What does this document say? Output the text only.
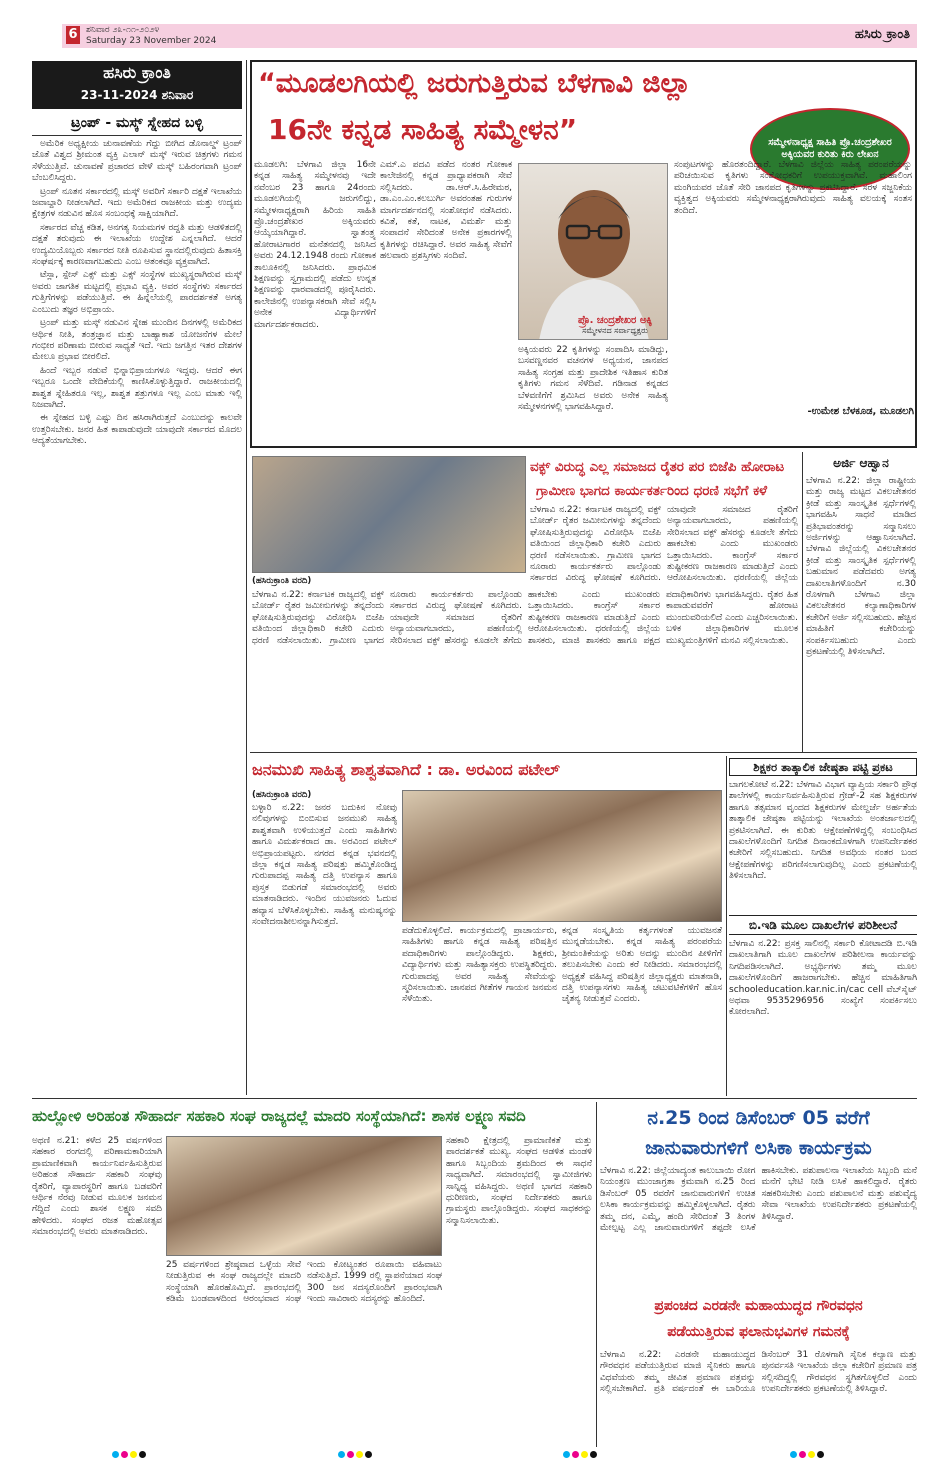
6 ಶನಿವಾರ ೨೩-೧೧-೨೦೨೪
Saturday 23 November 2024	ಹಸಿರು ಕ್ರಾಂತಿ
ಹಸಿರು ಕ್ರಾಂತಿ
23-11-2024 ಶನಿವಾರ
ಟ್ರಂಪ್ - ಮಸ್ಕ್ ಸ್ನೇಹದ ಬಳ್ಳಿ

ಅಮೆರಿಕ ಅಧ್ಯಕ್ಷೀಯ ಚುನಾವಣೆಯ ಗೆದ್ದು ಬೀಗಿದ ಡೊನಾಲ್ಡ್ ಟ್ರಂಪ್ ಜೊತೆ ವಿಶ್ವದ ಶ್ರೀಮಂತ ವ್ಯಕ್ತಿ ಎಲಾನ್ ಮಸ್ಕ್ ಇರುವ ಚಿತ್ರಗಳು ಗಮನ ಸೆಳೆಯುತ್ತಿವೆ. ಚುನಾವಣೆ ಪ್ರಚಾರದ ವೇಳೆ ಮಸ್ಕ್ ಬಹಿರಂಗವಾಗಿ ಟ್ರಂಪ್ ಬೆಂಬಲಿಸಿದ್ದರು.

ಟ್ರಂಪ್ ನೂತನ ಸರ್ಕಾರದಲ್ಲಿ ಮಸ್ಕ್ ಅವರಿಗೆ ಸರ್ಕಾರಿ ದಕ್ಷತೆ ಇಲಾಖೆಯ ಜವಾಬ್ದಾರಿ ನೀಡಲಾಗಿದೆ. ಇದು ಅಮೆರಿಕದ ರಾಜಕೀಯ ಮತ್ತು ಉದ್ಯಮ ಕ್ಷೇತ್ರಗಳ ನಡುವಿನ ಹೊಸ ಸಂಬಂಧಕ್ಕೆ ಸಾಕ್ಷಿಯಾಗಿದೆ.

ಸರ್ಕಾರದ ವೆಚ್ಚ ಕಡಿತ, ಅನಗತ್ಯ ನಿಯಮಗಳ ರದ್ದತಿ ಮತ್ತು ಆಡಳಿತದಲ್ಲಿ ದಕ್ಷತೆ ತರುವುದು ಈ ಇಲಾಖೆಯ ಉದ್ದೇಶ ಎನ್ನಲಾಗಿದೆ. ಆದರೆ ಉದ್ಯಮಿಯೊಬ್ಬರು ಸರ್ಕಾರದ ನೀತಿ ರೂಪಿಸುವ ಸ್ಥಾನದಲ್ಲಿರುವುದು ಹಿತಾಸಕ್ತಿ ಸಂಘರ್ಷಕ್ಕೆ ಕಾರಣವಾಗಬಹುದು ಎಂಬ ಆತಂಕವೂ ವ್ಯಕ್ತವಾಗಿದೆ.

ಟೆಸ್ಲಾ, ಸ್ಪೇಸ್ ಎಕ್ಸ್ ಮತ್ತು ಎಕ್ಸ್ ಸಂಸ್ಥೆಗಳ ಮುಖ್ಯಸ್ಥರಾಗಿರುವ ಮಸ್ಕ್ ಅವರು ಜಾಗತಿಕ ಮಟ್ಟದಲ್ಲಿ ಪ್ರಭಾವಿ ವ್ಯಕ್ತಿ. ಅವರ ಸಂಸ್ಥೆಗಳು ಸರ್ಕಾರದ ಗುತ್ತಿಗೆಗಳನ್ನು ಪಡೆಯುತ್ತಿವೆ. ಈ ಹಿನ್ನೆಲೆಯಲ್ಲಿ ಪಾರದರ್ಶಕತೆ ಅಗತ್ಯ ಎಂಬುದು ತಜ್ಞರ ಅಭಿಪ್ರಾಯ.

ಟ್ರಂಪ್ ಮತ್ತು ಮಸ್ಕ್ ನಡುವಿನ ಸ್ನೇಹ ಮುಂದಿನ ದಿನಗಳಲ್ಲಿ ಅಮೆರಿಕದ ಆರ್ಥಿಕ ನೀತಿ, ತಂತ್ರಜ್ಞಾನ ಮತ್ತು ಬಾಹ್ಯಾಕಾಶ ಯೋಜನೆಗಳ ಮೇಲೆ ಗಂಭೀರ ಪರಿಣಾಮ ಬೀರುವ ಸಾಧ್ಯತೆ ಇದೆ. ಇದು ಜಗತ್ತಿನ ಇತರ ದೇಶಗಳ ಮೇಲೂ ಪ್ರಭಾವ ಬೀರಲಿದೆ.

ಹಿಂದೆ ಇಬ್ಬರ ನಡುವೆ ಭಿನ್ನಾಭಿಪ್ರಾಯಗಳೂ ಇದ್ದವು. ಆದರೆ ಈಗ ಇಬ್ಬರೂ ಒಂದೇ ವೇದಿಕೆಯಲ್ಲಿ ಕಾಣಿಸಿಕೊಳ್ಳುತ್ತಿದ್ದಾರೆ. ರಾಜಕೀಯದಲ್ಲಿ ಶಾಶ್ವತ ಸ್ನೇಹಿತರೂ ಇಲ್ಲ, ಶಾಶ್ವತ ಶತ್ರುಗಳೂ ಇಲ್ಲ ಎಂಬ ಮಾತು ಇಲ್ಲಿ ನಿಜವಾಗಿದೆ.

ಈ ಸ್ನೇಹದ ಬಳ್ಳಿ ಎಷ್ಟು ದಿನ ಹಸಿರಾಗಿರುತ್ತದೆ ಎಂಬುದನ್ನು ಕಾಲವೇ ಉತ್ತರಿಸಬೇಕು. ಜನರ ಹಿತ ಕಾಪಾಡುವುದೇ ಯಾವುದೇ ಸರ್ಕಾರದ ಮೊದಲ ಆದ್ಯತೆಯಾಗಬೇಕು.

“ಮೂಡಲಗಿಯಲ್ಲಿ ಜರುಗುತ್ತಿರುವ ಬೆಳಗಾವಿ ಜಿಲ್ಲಾ
16ನೇ ಕನ್ನಡ ಸಾಹಿತ್ಯ ಸಮ್ಮೇಳನ”	ಸಮ್ಮೇಳನಾಧ್ಯಕ್ಷ ಸಾಹಿತಿ ಪ್ರೊ.ಚಂದ್ರಶೇಖರ ಅಕ್ಕಿಯವರ ಕುರಿತು ಕಿರು ಲೇಖನ
ಮೂಡಲಗಿ: ಬೆಳಗಾವಿ ಜಿಲ್ಲಾ 16ನೇ ಕನ್ನಡ ಸಾಹಿತ್ಯ ಸಮ್ಮೇಳನವು ಇದೇ ನವೆಂಬರ 23 ಹಾಗೂ 24ರಂದು ಮೂಡಲಗಿಯಲ್ಲಿ ಜರುಗಲಿದ್ದು, ಸಮ್ಮೇಳನಾಧ್ಯಕ್ಷರಾಗಿ ಹಿರಿಯ ಸಾಹಿತಿ ಪ್ರೊ.ಚಂದ್ರಶೇಖರ ಅಕ್ಕಿಯವರು ಆಯ್ಕೆಯಾಗಿದ್ದಾರೆ. ಸ್ವಾತಂತ್ರ್ಯ ಹೋರಾಟಗಾರರ ಮನೆತನದಲ್ಲಿ ಜನಿಸಿದ ಅವರು 24.12.1948 ರಂದು ಗೋಕಾಕ ತಾಲೂಕಿನಲ್ಲಿ ಜನಿಸಿದರು. ಪ್ರಾಥಮಿಕ ಶಿಕ್ಷಣವನ್ನು ಸ್ವಗ್ರಾಮದಲ್ಲಿ ಪಡೆದು ಉನ್ನತ ಶಿಕ್ಷಣವನ್ನು ಧಾರವಾಡದಲ್ಲಿ ಪೂರೈಸಿದರು. ಕಾಲೇಜಿನಲ್ಲಿ ಉಪನ್ಯಾಸಕರಾಗಿ ಸೇವೆ ಸಲ್ಲಿಸಿ ಅನೇಕ ವಿದ್ಯಾರ್ಥಿಗಳಿಗೆ ಮಾರ್ಗದರ್ಶಕರಾದರು.
ಎಮ್.ಎ ಪದವಿ ಪಡೆದ ನಂತರ ಗೋಕಾಕ ಕಾಲೇಜಿನಲ್ಲಿ ಕನ್ನಡ ಪ್ರಾಧ್ಯಾಪಕರಾಗಿ ಸೇವೆ ಸಲ್ಲಿಸಿದರು. ಡಾ.ಆರ್.ಸಿ.ಹಿರೇಮಠ, ಡಾ.ಎಂ.ಎಂ.ಕಲಬುರ್ಗಿ ಅವರಂತಹ ಗುರುಗಳ ಮಾರ್ಗದರ್ಶನದಲ್ಲಿ ಸಂಶೋಧನೆ ನಡೆಸಿದರು. ಕವಿತೆ, ಕತೆ, ನಾಟಕ, ವಿಮರ್ಶೆ ಮತ್ತು ಸಂಪಾದನೆ ಸೇರಿದಂತೆ ಅನೇಕ ಪ್ರಕಾರಗಳಲ್ಲಿ ಕೃತಿಗಳನ್ನು ರಚಿಸಿದ್ದಾರೆ. ಅವರ ಸಾಹಿತ್ಯ ಸೇವೆಗೆ ಹಲವಾರು ಪ್ರಶಸ್ತಿಗಳು ಸಂದಿವೆ.
ಪ್ರೊ. ಚಂದ್ರಶೇಖರ ಅಕ್ಕಿ
ಸಮ್ಮೇಳನದ ಸರ್ವಾಧ್ಯಕ್ಷರು
ಅಕ್ಕಿಯವರು 22 ಕೃತಿಗಳನ್ನು ಸಂಪಾದಿಸಿ ಮಾಡಿದ್ದು, ಬಸವಣ್ಣನವರ ವಚನಗಳ ಅಧ್ಯಯನ, ಜಾನಪದ ಸಾಹಿತ್ಯ ಸಂಗ್ರಹ ಮತ್ತು ಪ್ರಾದೇಶಿಕ ಇತಿಹಾಸ ಕುರಿತ ಕೃತಿಗಳು ಗಮನ ಸೆಳೆದಿವೆ. ಗಡಿನಾಡ ಕನ್ನಡದ ಬೆಳವಣಿಗೆಗೆ ಶ್ರಮಿಸಿದ ಅವರು ಅನೇಕ ಸಾಹಿತ್ಯ ಸಮ್ಮೇಳನಗಳಲ್ಲಿ ಭಾಗವಹಿಸಿದ್ದಾರೆ.
ಸಂಪುಟಗಳನ್ನು ಹೊರತಂದಿದ್ದಾರೆ. ಬೆಳಗಾವಿ ಜಿಲ್ಲೆಯ ಸಾಹಿತ್ಯ ಪರಂಪರೆಯನ್ನು ಪರಿಚಯಿಸುವ ಕೃತಿಗಳು ಸಂಶೋಧಕರಿಗೆ ಉಪಯುಕ್ತವಾಗಿವೆ. ಮಹಾಲಿಂಗ ಮಂಗಿಯವರ ಜೊತೆ ಸೇರಿ ಜಾನಪದ ಕೃತಿಗಳನ್ನು ಪ್ರಕಟಿಸಿದ್ದಾರೆ. ಸರಳ ಸಜ್ಜನಿಕೆಯ ವ್ಯಕ್ತಿತ್ವದ ಅಕ್ಕಿಯವರು ಸಮ್ಮೇಳನಾಧ್ಯಕ್ಷರಾಗಿರುವುದು ಸಾಹಿತ್ಯ ವಲಯಕ್ಕೆ ಸಂತಸ ತಂದಿದೆ.
-ಉಮೇಶ ಬೆಳಕೂಡ, ಮೂಡಲಗಿ
ವಕ್ಫ್ ವಿರುದ್ಧ ಎಲ್ಲ ಸಮಾಜದ ರೈತರ ಪರ ಬಿಜೆಪಿ ಹೋರಾಟ
ಗ್ರಾಮೀಣ ಭಾಗದ ಕಾರ್ಯಕರ್ತರಿಂದ ಧರಣಿ ಸಭೆಗೆ ಕಳೆ
(ಹಸಿರುಕ್ರಾಂತಿ ವರದಿ)
ಬೆಳಗಾವಿ ನ.22: ಕರ್ನಾಟಕ ರಾಜ್ಯದಲ್ಲಿ ವಕ್ಫ್ ಬೋರ್ಡ್ ರೈತರ ಜಮೀನುಗಳನ್ನು ತನ್ನದೆಂದು ಘೋಷಿಸುತ್ತಿರುವುದನ್ನು ವಿರೋಧಿಸಿ ಬಿಜೆಪಿ ವತಿಯಿಂದ ಜಿಲ್ಲಾಧಿಕಾರಿ ಕಚೇರಿ ಎದುರು ಧರಣಿ ನಡೆಸಲಾಯಿತು. ಗ್ರಾಮೀಣ ಭಾಗದ ನೂರಾರು ಕಾರ್ಯಕರ್ತರು ಪಾಲ್ಗೊಂಡು ಸರ್ಕಾರದ ವಿರುದ್ಧ ಘೋಷಣೆ ಕೂಗಿದರು. ಯಾವುದೇ ಸಮಾಜದ ರೈತರಿಗೆ ಅನ್ಯಾಯವಾಗಬಾರದು, ಪಹಣಿಯಲ್ಲಿ ಸೇರಿಸಲಾದ ವಕ್ಫ್ ಹೆಸರನ್ನು ಕೂಡಲೇ ತೆಗೆದು ಹಾಕಬೇಕು ಎಂದು ಮುಖಂಡರು ಒತ್ತಾಯಿಸಿದರು. ಕಾಂಗ್ರೆಸ್ ಸರ್ಕಾರ ತುಷ್ಟೀಕರಣ ರಾಜಕಾರಣ ಮಾಡುತ್ತಿದೆ ಎಂದು ಆರೋಪಿಸಲಾಯಿತು. ಧರಣಿಯಲ್ಲಿ ಜಿಲ್ಲೆಯ ಶಾಸಕರು, ಮಾಜಿ ಶಾಸಕರು ಹಾಗೂ ಪಕ್ಷದ ಪದಾಧಿಕಾರಿಗಳು ಭಾಗವಹಿಸಿದ್ದರು. ರೈತರ ಹಿತ ಕಾಪಾಡುವವರೆಗೆ ಹೋರಾಟ ಮುಂದುವರಿಯಲಿದೆ ಎಂದು ಎಚ್ಚರಿಸಲಾಯಿತು. ಬಳಿಕ ಜಿಲ್ಲಾಧಿಕಾರಿಗಳ ಮೂಲಕ ಮುಖ್ಯಮಂತ್ರಿಗಳಿಗೆ ಮನವಿ ಸಲ್ಲಿಸಲಾಯಿತು.
ಬೆಳಗಾವಿ ನ.22: ಕರ್ನಾಟಕ ರಾಜ್ಯದಲ್ಲಿ ವಕ್ಫ್ ಬೋರ್ಡ್ ರೈತರ ಜಮೀನುಗಳನ್ನು ತನ್ನದೆಂದು ಘೋಷಿಸುತ್ತಿರುವುದನ್ನು ವಿರೋಧಿಸಿ ಬಿಜೆಪಿ ವತಿಯಿಂದ ಜಿಲ್ಲಾಧಿಕಾರಿ ಕಚೇರಿ ಎದುರು ಧರಣಿ ನಡೆಸಲಾಯಿತು. ಗ್ರಾಮೀಣ ಭಾಗದ ನೂರಾರು ಕಾರ್ಯಕರ್ತರು ಪಾಲ್ಗೊಂಡು ಸರ್ಕಾರದ ವಿರುದ್ಧ ಘೋಷಣೆ ಕೂಗಿದರು. ಯಾವುದೇ ಸಮಾಜದ ರೈತರಿಗೆ ಅನ್ಯಾಯವಾಗಬಾರದು, ಪಹಣಿಯಲ್ಲಿ ಸೇರಿಸಲಾದ ವಕ್ಫ್ ಹೆಸರನ್ನು ಕೂಡಲೇ ತೆಗೆದು ಹಾಕಬೇಕು ಎಂದು ಮುಖಂಡರು ಒತ್ತಾಯಿಸಿದರು. ಕಾಂಗ್ರೆಸ್ ಸರ್ಕಾರ ತುಷ್ಟೀಕರಣ ರಾಜಕಾರಣ ಮಾಡುತ್ತಿದೆ ಎಂದು ಆರೋಪಿಸಲಾಯಿತು. ಧರಣಿಯಲ್ಲಿ ಜಿಲ್ಲೆಯ
ಅರ್ಜಿ ಆಹ್ವಾನ
ಬೆಳಗಾವಿ ನ.22: ಜಿಲ್ಲಾ ರಾಷ್ಟ್ರೀಯ ಮತ್ತು ರಾಜ್ಯ ಮಟ್ಟದ ವಿಕಲಚೇತನರ ಕ್ರೀಡೆ ಮತ್ತು ಸಾಂಸ್ಕೃತಿಕ ಸ್ಪರ್ಧೆಗಳಲ್ಲಿ ಭಾಗವಹಿಸಿ ಸಾಧನೆ ಮಾಡಿದ ಪ್ರತಿಭಾವಂತರನ್ನು ಸನ್ಮಾನಿಸಲು ಅರ್ಜಿಗಳನ್ನು ಆಹ್ವಾನಿಸಲಾಗಿದೆ. ಬೆಳಗಾವಿ ಜಿಲ್ಲೆಯಲ್ಲಿ ವಿಕಲಚೇತನರ ಕ್ರೀಡೆ ಮತ್ತು ಸಾಂಸ್ಕೃತಿಕ ಸ್ಪರ್ಧೆಗಳಲ್ಲಿ ಬಹುಮಾನ ಪಡೆದವರು ಅಗತ್ಯ ದಾಖಲಾತಿಗಳೊಂದಿಗೆ ನ.30 ರೊಳಗಾಗಿ ಬೆಳಗಾವಿ ಜಿಲ್ಲಾ ವಿಕಲಚೇತನರ ಕಲ್ಯಾಣಾಧಿಕಾರಿಗಳ ಕಚೇರಿಗೆ ಅರ್ಜಿ ಸಲ್ಲಿಸಬಹುದು. ಹೆಚ್ಚಿನ ಮಾಹಿತಿಗೆ ಕಚೇರಿಯನ್ನು ಸಂಪರ್ಕಿಸಬಹುದು ಎಂದು ಪ್ರಕಟಣೆಯಲ್ಲಿ ತಿಳಿಸಲಾಗಿದೆ.
ಜನಮುಖಿ ಸಾಹಿತ್ಯ ಶಾಶ್ವತವಾಗಿದೆ : ಡಾ. ಅರವಿಂದ ಪಟೇಲ್
(ಹಸಿರುಕ್ರಾಂತಿ ವರದಿ)
ಬಳ್ಳಾರಿ ನ.22: ಜನರ ಬದುಕಿನ ನೋವು ನಲಿವುಗಳನ್ನು ಬಿಂಬಿಸುವ ಜನಮುಖಿ ಸಾಹಿತ್ಯ ಶಾಶ್ವತವಾಗಿ ಉಳಿಯುತ್ತದೆ ಎಂದು ಸಾಹಿತಿಗಳು ಹಾಗೂ ವಿಮರ್ಶಕರಾದ ಡಾ. ಅರವಿಂದ ಪಟೇಲ್ ಅಭಿಪ್ರಾಯಪಟ್ಟರು. ನಗರದ ಕನ್ನಡ ಭವನದಲ್ಲಿ ಜಿಲ್ಲಾ ಕನ್ನಡ ಸಾಹಿತ್ಯ ಪರಿಷತ್ತು ಹಮ್ಮಿಕೊಂಡಿದ್ದ ಗುರುಪಾದಪ್ಪ ಸಾಹಿತ್ಯ ದತ್ತಿ ಉಪನ್ಯಾಸ ಹಾಗೂ ಪುಸ್ತಕ ಬಿಡುಗಡೆ ಸಮಾರಂಭದಲ್ಲಿ ಅವರು ಮಾತನಾಡಿದರು. ಇಂದಿನ ಯುವಜನರು ಓದುವ ಹವ್ಯಾಸ ಬೆಳೆಸಿಕೊಳ್ಳಬೇಕು. ಸಾಹಿತ್ಯ ಮನುಷ್ಯನನ್ನು ಸಂವೇದನಾಶೀಲನನ್ನಾಗಿಸುತ್ತದೆ.
ಪಡೆದುಕೊಳ್ಳಲಿದೆ. ಕಾರ್ಯಕ್ರಮದಲ್ಲಿ ಪ್ರಾಚಾರ್ಯರು, ಸಾಹಿತಿಗಳು ಹಾಗೂ ಕನ್ನಡ ಸಾಹಿತ್ಯ ಪರಿಷತ್ತಿನ ಪದಾಧಿಕಾರಿಗಳು ಪಾಲ್ಗೊಂಡಿದ್ದರು. ಶಿಕ್ಷಕರು, ವಿದ್ಯಾರ್ಥಿಗಳು ಮತ್ತು ಸಾಹಿತ್ಯಾಸಕ್ತರು ಉಪಸ್ಥಿತರಿದ್ದರು. ಗುರುಪಾದಪ್ಪ ಅವರ ಸಾಹಿತ್ಯ ಸೇವೆಯನ್ನು ಸ್ಮರಿಸಲಾಯಿತು. ಜಾನಪದ ಗೀತೆಗಳ ಗಾಯನ ಜನಮನ ಸೆಳೆಯಿತು.
ಕನ್ನಡ ಸಂಸ್ಕೃತಿಯ ಕರ್ತೃಗಳಂತೆ ಯುವಜನತೆ ಮುನ್ನಡೆಯಬೇಕು. ಕನ್ನಡ ಸಾಹಿತ್ಯ ಪರಂಪರೆಯ ಶ್ರೀಮಂತಿಕೆಯನ್ನು ಅರಿತು ಅದನ್ನು ಮುಂದಿನ ಪೀಳಿಗೆಗೆ ತಲುಪಿಸಬೇಕು ಎಂದು ಕರೆ ನೀಡಿದರು. ಸಮಾರಂಭದಲ್ಲಿ ಅಧ್ಯಕ್ಷತೆ ವಹಿಸಿದ್ದ ಪರಿಷತ್ತಿನ ಜಿಲ್ಲಾಧ್ಯಕ್ಷರು ಮಾತನಾಡಿ, ದತ್ತಿ ಉಪನ್ಯಾಸಗಳು ಸಾಹಿತ್ಯ ಚಟುವಟಿಕೆಗಳಿಗೆ ಹೊಸ ಚೈತನ್ಯ ನೀಡುತ್ತವೆ ಎಂದರು.
ಶಿಕ್ಷಕರ ತಾತ್ಕಾಲಿಕ ಜೇಷ್ಠತಾ ಪಟ್ಟಿ ಪ್ರಕಟ
ಬಾಗಲಕೋಟೆ ನ.22: ಬೆಳಗಾವಿ ವಿಭಾಗ ವ್ಯಾಪ್ತಿಯ ಸರ್ಕಾರಿ ಪ್ರೌಢ ಶಾಲೆಗಳಲ್ಲಿ ಕಾರ್ಯನಿರ್ವಹಿಸುತ್ತಿರುವ ಗ್ರೇಡ್-2 ಸಹ ಶಿಕ್ಷಕರುಗಳ ಹಾಗೂ ತತ್ಸಮಾನ ವೃಂದದ ಶಿಕ್ಷಕರುಗಳ ಮೇಲ್ದರ್ಜೆ ಅರ್ಹತೆಯ ತಾತ್ಕಾಲಿಕ ಜೇಷ್ಠತಾ ಪಟ್ಟಿಯನ್ನು ಇಲಾಖೆಯ ಅಂತರ್ಜಾಲದಲ್ಲಿ ಪ್ರಕಟಿಸಲಾಗಿದೆ. ಈ ಕುರಿತು ಆಕ್ಷೇಪಣೆಗಳಿದ್ದಲ್ಲಿ ಸಂಬಂಧಿಸಿದ ದಾಖಲೆಗಳೊಂದಿಗೆ ನಿಗದಿತ ದಿನಾಂಕದೊಳಗಾಗಿ ಉಪನಿರ್ದೇಶಕರ ಕಚೇರಿಗೆ ಸಲ್ಲಿಸಬಹುದು. ನಿಗದಿತ ಅವಧಿಯ ನಂತರ ಬಂದ ಆಕ್ಷೇಪಣೆಗಳನ್ನು ಪರಿಗಣಿಸಲಾಗುವುದಿಲ್ಲ ಎಂದು ಪ್ರಕಟಣೆಯಲ್ಲಿ ತಿಳಿಸಲಾಗಿದೆ.
ಬಿ.ಇಡಿ ಮೂಲ ದಾಖಲೆಗಳ ಪರಿಶೀಲನೆ
ಬೆಳಗಾವಿ ನ.22: ಪ್ರಸಕ್ತ ಸಾಲಿನಲ್ಲಿ ಸರ್ಕಾರಿ ಕೋಟಾದಡಿ ಬಿ.ಇಡಿ ದಾಖಲಾತಿಗಾಗಿ ಮೂಲ ದಾಖಲೆಗಳ ಪರಿಶೀಲನಾ ಕಾರ್ಯವನ್ನು ನಿಗದಿಪಡಿಸಲಾಗಿದೆ. ಅಭ್ಯರ್ಥಿಗಳು ತಮ್ಮ ಮೂಲ ದಾಖಲೆಗಳೊಂದಿಗೆ ಹಾಜರಾಗಬೇಕು. ಹೆಚ್ಚಿನ ಮಾಹಿತಿಗಾಗಿ schooleducation.kar.nic.in/cac cell ವೆಬ್‌ಸೈಟ್ ಅಥವಾ 9535296956 ಸಂಖ್ಯೆಗೆ ಸಂಪರ್ಕಿಸಲು ಕೋರಲಾಗಿದೆ.
ಹುಲ್ಲೋಳಿ ಅರಿಹಂತ ಸೌಹಾರ್ದ ಸಹಕಾರಿ ಸಂಘ ರಾಜ್ಯದಲ್ಲೆ ಮಾದರಿ ಸಂಸ್ಥೆಯಾಗಿದೆ: ಶಾಸಕ ಲಕ್ಷ್ಮಣ ಸವದಿ
ಅಥಣಿ ನ.21: ಕಳೆದ 25 ವರ್ಷಗಳಿಂದ ಸಹಕಾರ ರಂಗದಲ್ಲಿ ಪರಿಣಾಮಕಾರಿಯಾಗಿ ಪ್ರಾಮಾಣಿಕವಾಗಿ ಕಾರ್ಯನಿರ್ವಹಿಸುತ್ತಿರುವ ಅರಿಹಂತ ಸೌಹಾರ್ದ ಸಹಕಾರಿ ಸಂಘವು ರೈತರಿಗೆ, ವ್ಯಾಪಾರಸ್ಥರಿಗೆ ಹಾಗೂ ಬಡವರಿಗೆ ಆರ್ಥಿಕ ನೆರವು ನೀಡುವ ಮೂಲಕ ಜನಮನ ಗೆದ್ದಿದೆ ಎಂದು ಶಾಸಕ ಲಕ್ಷ್ಮಣ ಸವದಿ ಹೇಳಿದರು. ಸಂಘದ ರಜತ ಮಹೋತ್ಸವ ಸಮಾರಂಭದಲ್ಲಿ ಅವರು ಮಾತನಾಡಿದರು.
25 ವರ್ಷಗಳಿಂದ ಶ್ರೇಷ್ಠವಾದ ಒಳ್ಳೆಯ ಸೇವೆ ನೀಡುತ್ತಿರುವ ಈ ಸಂಘ ರಾಜ್ಯದಲ್ಲೇ ಮಾದರಿ ಸಂಸ್ಥೆಯಾಗಿ ಹೊರಹೊಮ್ಮಿದೆ. ಪ್ರಾರಂಭದಲ್ಲಿ ಕಡಿಮೆ ಬಂಡವಾಳದಿಂದ ಆರಂಭವಾದ ಸಂಘ ಇಂದು ಕೋಟ್ಯಂತರ ರೂಪಾಯಿ ವಹಿವಾಟು ನಡೆಸುತ್ತಿದೆ. 1999 ರಲ್ಲಿ ಸ್ಥಾಪನೆಯಾದ ಸಂಘ 300 ಜನ ಸದಸ್ಯರೊಂದಿಗೆ ಪ್ರಾರಂಭವಾಗಿ ಇಂದು ಸಾವಿರಾರು ಸದಸ್ಯರನ್ನು ಹೊಂದಿದೆ.
ಸಹಕಾರಿ ಕ್ಷೇತ್ರದಲ್ಲಿ ಪ್ರಾಮಾಣಿಕತೆ ಮತ್ತು ಪಾರದರ್ಶಕತೆ ಮುಖ್ಯ. ಸಂಘದ ಆಡಳಿತ ಮಂಡಳಿ ಹಾಗೂ ಸಿಬ್ಬಂದಿಯ ಶ್ರಮದಿಂದ ಈ ಸಾಧನೆ ಸಾಧ್ಯವಾಗಿದೆ. ಸಮಾರಂಭದಲ್ಲಿ ಸ್ವಾಮೀಜಿಗಳು ಸಾನ್ನಿಧ್ಯ ವಹಿಸಿದ್ದರು. ಅಥಣಿ ಭಾಗದ ಸಹಕಾರಿ ಧುರೀಣರು, ಸಂಘದ ನಿರ್ದೇಶಕರು ಹಾಗೂ ಗ್ರಾಮಸ್ಥರು ಪಾಲ್ಗೊಂಡಿದ್ದರು. ಸಂಘದ ಸಾಧಕರನ್ನು ಸನ್ಮಾನಿಸಲಾಯಿತು.
ನ.25 ರಿಂದ ಡಿಸೆಂಬರ್ 05 ವರೆಗೆ
ಜಾನುವಾರುಗಳಿಗೆ ಲಸಿಕಾ ಕಾರ್ಯಕ್ರಮ
ಬೆಳಗಾವಿ ನ.22: ಜಿಲ್ಲೆಯಾದ್ಯಂತ ಕಾಲುಬಾಯಿ ರೋಗ ನಿಯಂತ್ರಣ ಮುಂಜಾಗ್ರತಾ ಕ್ರಮವಾಗಿ ನ.25 ರಿಂದ ಡಿಸೆಂಬರ್ 05 ರವರೆಗೆ ಜಾನುವಾರುಗಳಿಗೆ ಉಚಿತ ಲಸಿಕಾ ಕಾರ್ಯಕ್ರಮವನ್ನು ಹಮ್ಮಿಕೊಳ್ಳಲಾಗಿದೆ. ರೈತರು ತಮ್ಮ ದನ, ಎಮ್ಮೆ, ಹಂದಿ ಸೇರಿದಂತೆ 3 ತಿಂಗಳ ಮೇಲ್ಪಟ್ಟ ಎಲ್ಲ ಜಾನುವಾರುಗಳಿಗೆ ತಪ್ಪದೇ ಲಸಿಕೆ ಹಾಕಿಸಬೇಕು. ಪಶುಪಾಲನಾ ಇಲಾಖೆಯ ಸಿಬ್ಬಂದಿ ಮನೆ ಮನೆಗೆ ಭೇಟಿ ನೀಡಿ ಲಸಿಕೆ ಹಾಕಲಿದ್ದಾರೆ. ರೈತರು ಸಹಕರಿಸಬೇಕು ಎಂದು ಪಶುಪಾಲನೆ ಮತ್ತು ಪಶುವೈದ್ಯ ಸೇವಾ ಇಲಾಖೆಯ ಉಪನಿರ್ದೇಶಕರು ಪ್ರಕಟಣೆಯಲ್ಲಿ ತಿಳಿಸಿದ್ದಾರೆ.
ಪ್ರಪಂಚದ ಎರಡನೇ ಮಹಾಯುದ್ಧದ ಗೌರವಧನ
ಪಡೆಯುತ್ತಿರುವ ಫಲಾನುಭವಿಗಳ ಗಮನಕ್ಕೆ
ಬೆಳಗಾವಿ ನ.22: ಎರಡನೇ ಮಹಾಯುದ್ಧದ ಗೌರವಧನ ಪಡೆಯುತ್ತಿರುವ ಮಾಜಿ ಸೈನಿಕರು ಹಾಗೂ ವಿಧವೆಯರು ತಮ್ಮ ಜೀವಿತ ಪ್ರಮಾಣ ಪತ್ರವನ್ನು ಸಲ್ಲಿಸಬೇಕಾಗಿದೆ. ಪ್ರತಿ ವರ್ಷದಂತೆ ಈ ಬಾರಿಯೂ ಡಿಸೆಂಬರ್ 31 ರೊಳಗಾಗಿ ಸೈನಿಕ ಕಲ್ಯಾಣ ಮತ್ತು ಪುನರ್ವಸತಿ ಇಲಾಖೆಯ ಜಿಲ್ಲಾ ಕಚೇರಿಗೆ ಪ್ರಮಾಣ ಪತ್ರ ಸಲ್ಲಿಸದಿದ್ದಲ್ಲಿ ಗೌರವಧನ ಸ್ಥಗಿತಗೊಳ್ಳಲಿದೆ ಎಂದು ಉಪನಿರ್ದೇಶಕರು ಪ್ರಕಟಣೆಯಲ್ಲಿ ತಿಳಿಸಿದ್ದಾರೆ.
